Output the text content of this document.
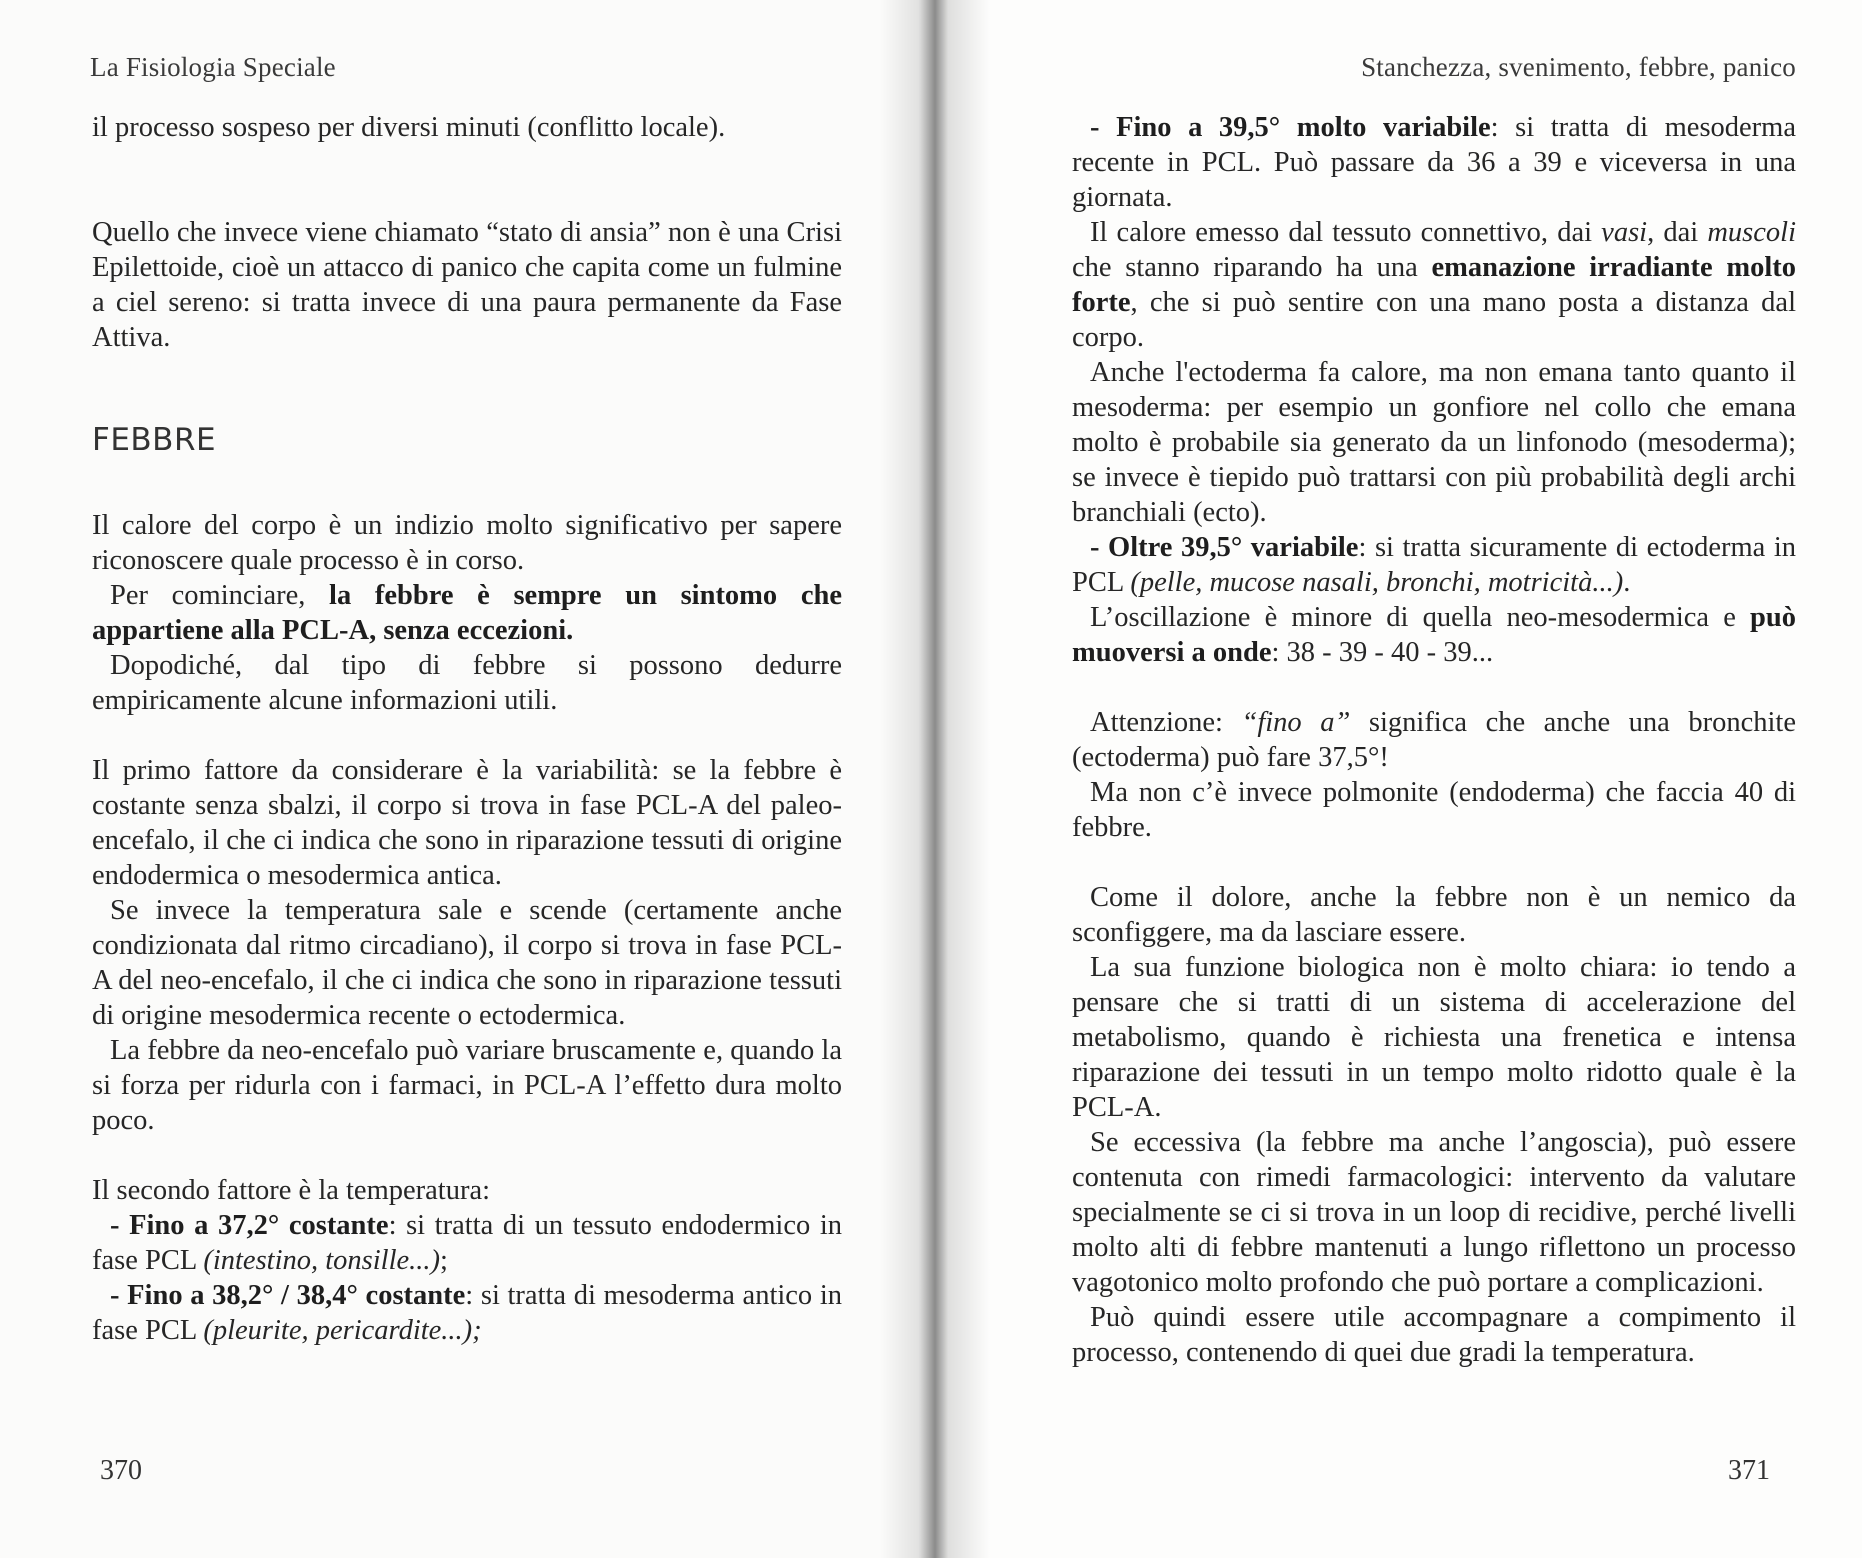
La Fisiologia Speciale

il processo sospeso per diversi minuti (conflitto locale).

Quello che invece viene chiamato “stato di ansia” non è una Crisi Epilettoide, cioè un attacco di panico che capita come un fulmine a ciel sereno: si tratta invece di una paura permanente da Fase Attiva.

FEBBRE

Il calore del corpo è un indizio molto significativo per sapere riconoscere quale processo è in corso.

Per cominciare, la febbre è sempre un sintomo che appartiene alla PCL-A, senza eccezioni.

Dopodiché, dal tipo di febbre si possono dedurre empiricamente alcune informazioni utili.

Il primo fattore da considerare è la variabilità: se la febbre è costante senza sbalzi, il corpo si trova in fase PCL-A del paleo-encefalo, il che ci indica che sono in riparazione tessuti di origine endodermica o mesodermica antica.

Se invece la temperatura sale e scende (certamente anche condizionata dal ritmo circadiano), il corpo si trova in fase PCL-A del neo-encefalo, il che ci indica che sono in riparazione tessuti di origine mesodermica recente o ectodermica.

La febbre da neo-encefalo può variare bruscamente e, quando la si forza per ridurla con i farmaci, in PCL-A l’effetto dura molto poco.

Il secondo fattore è la temperatura:

- Fino a 37,2° costante: si tratta di un tessuto endodermico in fase PCL (intestino, tonsille...);

- Fino a 38,2° / 38,4° costante: si tratta di mesoderma antico in fase PCL (pleurite, pericardite...);

370
Stanchezza, svenimento, febbre, panico
371

- Fino a 39,5° molto variabile: si tratta di mesoderma recente in PCL. Può passare da 36 a 39 e viceversa in una giornata.

Il calore emesso dal tessuto connettivo, dai vasi, dai muscoli che stanno riparando ha una emanazione irradiante molto forte, che si può sentire con una mano posta a distanza dal corpo.

Anche l'ectoderma fa calore, ma non emana tanto quanto il mesoderma: per esempio un gonfiore nel collo che emana molto è probabile sia generato da un linfonodo (mesoderma); se invece è tiepido può trattarsi con più probabilità degli archi branchiali (ecto).

- Oltre 39,5° variabile: si tratta sicuramente di ectoderma in PCL (pelle, mucose nasali, bronchi, motricità...).

L’oscillazione è minore di quella neo-mesodermica e può muoversi a onde: 38 - 39 - 40 - 39...

Attenzione: “fino a” significa che anche una bronchite (ectoderma) può fare 37,5°!

Ma non c’è invece polmonite (endoderma) che faccia 40 di febbre.

Come il dolore, anche la febbre non è un nemico da sconfiggere, ma da lasciare essere.

La sua funzione biologica non è molto chiara: io tendo a pensare che si tratti di un sistema di accelerazione del metabolismo, quando è richiesta una frenetica e intensa riparazione dei tessuti in un tempo molto ridotto quale è la PCL-A.

Se eccessiva (la febbre ma anche l’angoscia), può essere contenuta con rimedi farmacologici: intervento da valutare specialmente se ci si trova in un loop di recidive, perché livelli molto alti di febbre mantenuti a lungo riflettono un processo vagotonico molto profondo che può portare a complicazioni.

Può quindi essere utile accompagnare a compimento il processo, contenendo di quei due gradi la temperatura.
